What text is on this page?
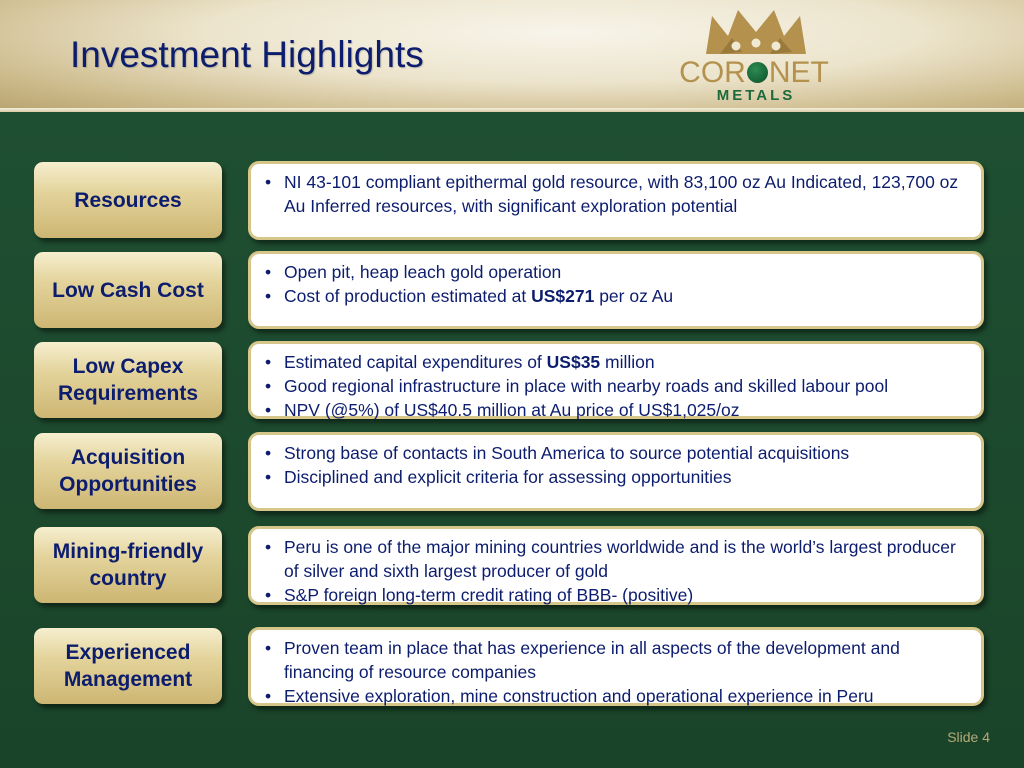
Investment Highlights	COR NET
METALS
Resources
• NI 43-101 compliant epithermal gold resource, with 83,100 oz Au Indicated, 123,700 oz Au Inferred resources, with significant exploration potential
Low Cash Cost
• Open pit, heap leach gold operation
• Cost of production estimated at US$271 per oz Au
Low Capex Requirements
• Estimated capital expenditures of US$35 million
• Good regional infrastructure in place with nearby roads and skilled labour pool
• NPV (@5%) of US$40.5 million at Au price of US$1,025/oz
Acquisition Opportunities
• Strong base of contacts in South America to source potential acquisitions
• Disciplined and explicit criteria for assessing opportunities
Mining-friendly country
• Peru is one of the major mining countries worldwide and is the world’s largest producer of silver and sixth largest producer of gold
• S&P foreign long-term credit rating of BBB- (positive)
Experienced Management
• Proven team in place that has experience in all aspects of the development and financing of resource companies
• Extensive exploration, mine construction and operational experience in Peru
Slide 4
